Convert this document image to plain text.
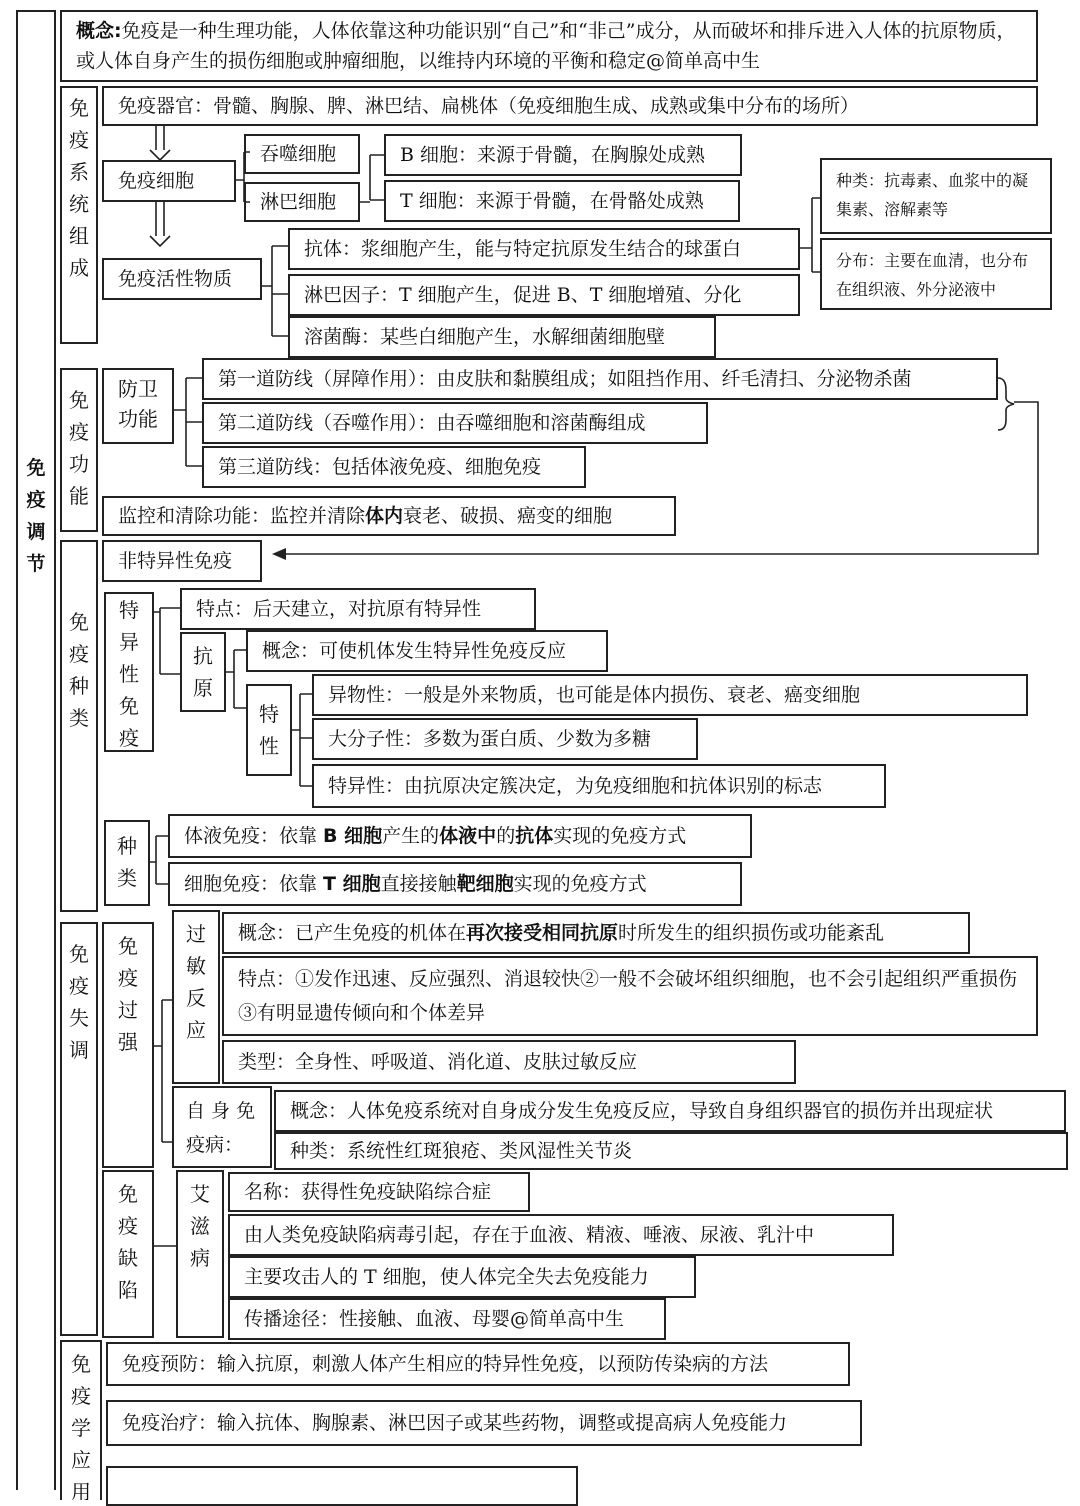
免疫调节
概念:免疫是一种生理功能，人体依靠这种功能识别“自己”和“非己”成分，从而破坏和排斥进入人体的抗原物质，或人体自身产生的损伤细胞或肿瘤细胞，以维持内环境的平衡和稳定@简单高中生
免疫系统组成
免疫器官：骨髓、胸腺、脾、淋巴结、扁桃体（免疫细胞生成、成熟或集中分布的场所）
免疫细胞
吞噬细胞
淋巴细胞
B 细胞：来源于骨髓，在胸腺处成熟
T 细胞：来源于骨髓，在骨骼处成熟
免疫活性物质
抗体：浆细胞产生，能与特定抗原发生结合的球蛋白
淋巴因子：T 细胞产生，促进 B、T 细胞增殖、分化
溶菌酶：某些白细胞产生，水解细菌细胞壁
种类：抗毒素、血浆中的凝集素、溶解素等
分布：主要在血清，也分布在组织液、外分泌液中
免疫功能
防卫功能
第一道防线（屏障作用）：由皮肤和黏膜组成；如阻挡作用、纤毛清扫、分泌物杀菌
第二道防线（吞噬作用）：由吞噬细胞和溶菌酶组成
第三道防线：包括体液免疫、细胞免疫
监控和清除功能：监控并清除体内衰老、破损、癌变的细胞
免疫种类
非特异性免疫
特异性免疫
特点：后天建立，对抗原有特异性
抗原
概念：可使机体发生特异性免疫反应
特性
异物性：一般是外来物质，也可能是体内损伤、衰老、癌变细胞
大分子性：多数为蛋白质、少数为多糖
特异性：由抗原决定簇决定，为免疫细胞和抗体识别的标志
种类
体液免疫：依靠 B 细胞产生的体液中的抗体实现的免疫方式
细胞免疫：依靠 T 细胞直接接触靶细胞实现的免疫方式
免疫失调
免疫过强
过敏反应
概念：已产生免疫的机体在再次接受相同抗原时所发生的组织损伤或功能紊乱
特点：①发作迅速、反应强烈、消退较快②一般不会破坏组织细胞，也不会引起组织严重损伤③有明显遗传倾向和个体差异
类型：全身性、呼吸道、消化道、皮肤过敏反应
自 身 免 疫病：
概念：人体免疫系统对自身成分发生免疫反应，导致自身组织器官的损伤并出现症状
种类：系统性红斑狼疮、类风湿性关节炎
免疫缺陷
艾滋病
名称：获得性免疫缺陷综合症
由人类免疫缺陷病毒引起，存在于血液、精液、唾液、尿液、乳汁中
主要攻击人的 T 细胞，使人体完全失去免疫能力
传播途径：性接触、血液、母婴@简单高中生
免疫学应用
免疫预防：输入抗原，刺激人体产生相应的特异性免疫，以预防传染病的方法
免疫治疗：输入抗体、胸腺素、淋巴因子或某些药物，调整或提高病人免疫能力
